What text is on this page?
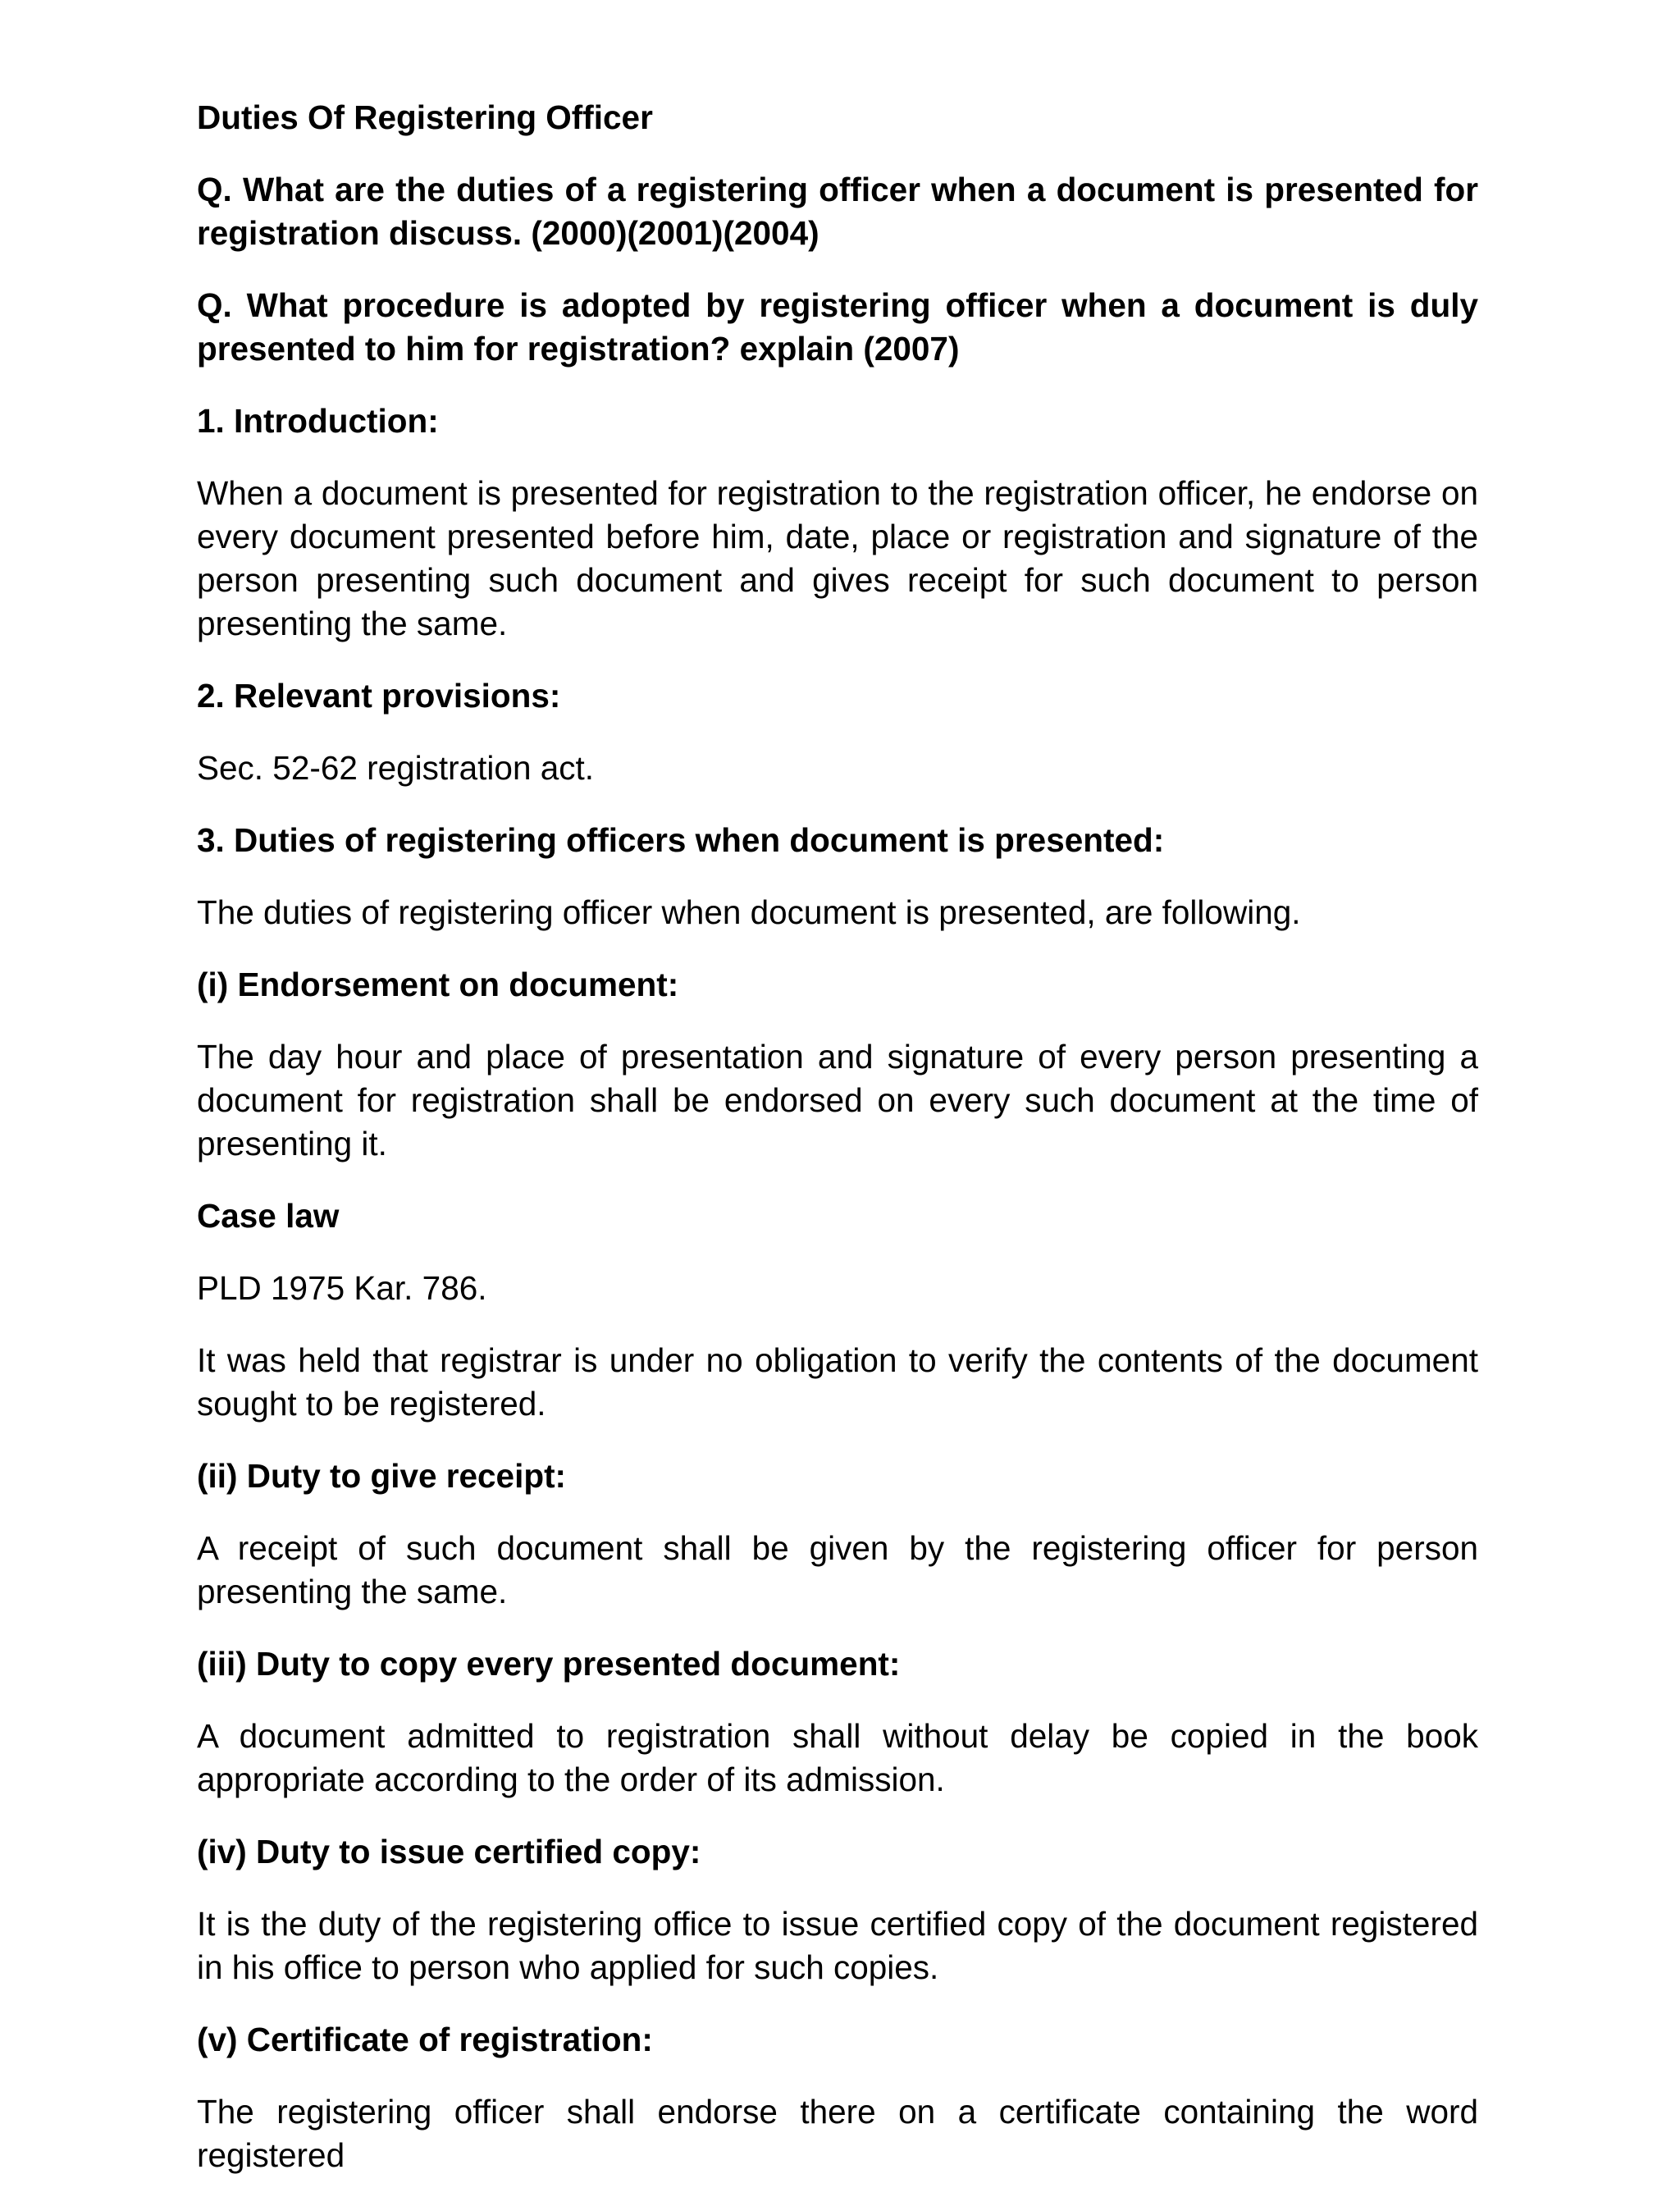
Duties Of Registering Officer

Q. What are the duties of a registering officer when a document is presented for registration discuss. (2000)(2001)(2004)

Q. What procedure is adopted by registering officer when a document is duly presented to him for registration? explain (2007)

1. Introduction:

When a document is presented for registration to the registration officer, he endorse on every document presented before him, date, place or registration and signature of the person presenting such document and gives receipt for such document to person presenting the same.

2. Relevant provisions:

Sec. 52-62 registration act.

3. Duties of registering officers when document is presented:

The duties of registering officer when document is presented, are following.

(i) Endorsement on document:

The day hour and place of presentation and signature of every person presenting a document for registration shall be endorsed on every such document at the time of presenting it.

Case law

PLD 1975 Kar. 786.

It was held that registrar is under no obligation to verify the contents of the document sought to be registered.

(ii) Duty to give receipt:

A receipt of such document shall be given by the registering officer for person presenting the same.

(iii) Duty to copy every presented document:

A document admitted to registration shall without delay be copied in the book appropriate according to the order of its admission.

(iv) Duty to issue certified copy:

It is the duty of the registering office to issue certified copy of the document registered in his office to person who applied for such copies.

(v) Certificate of registration:

The registering officer shall endorse there on a certificate containing the word registered
